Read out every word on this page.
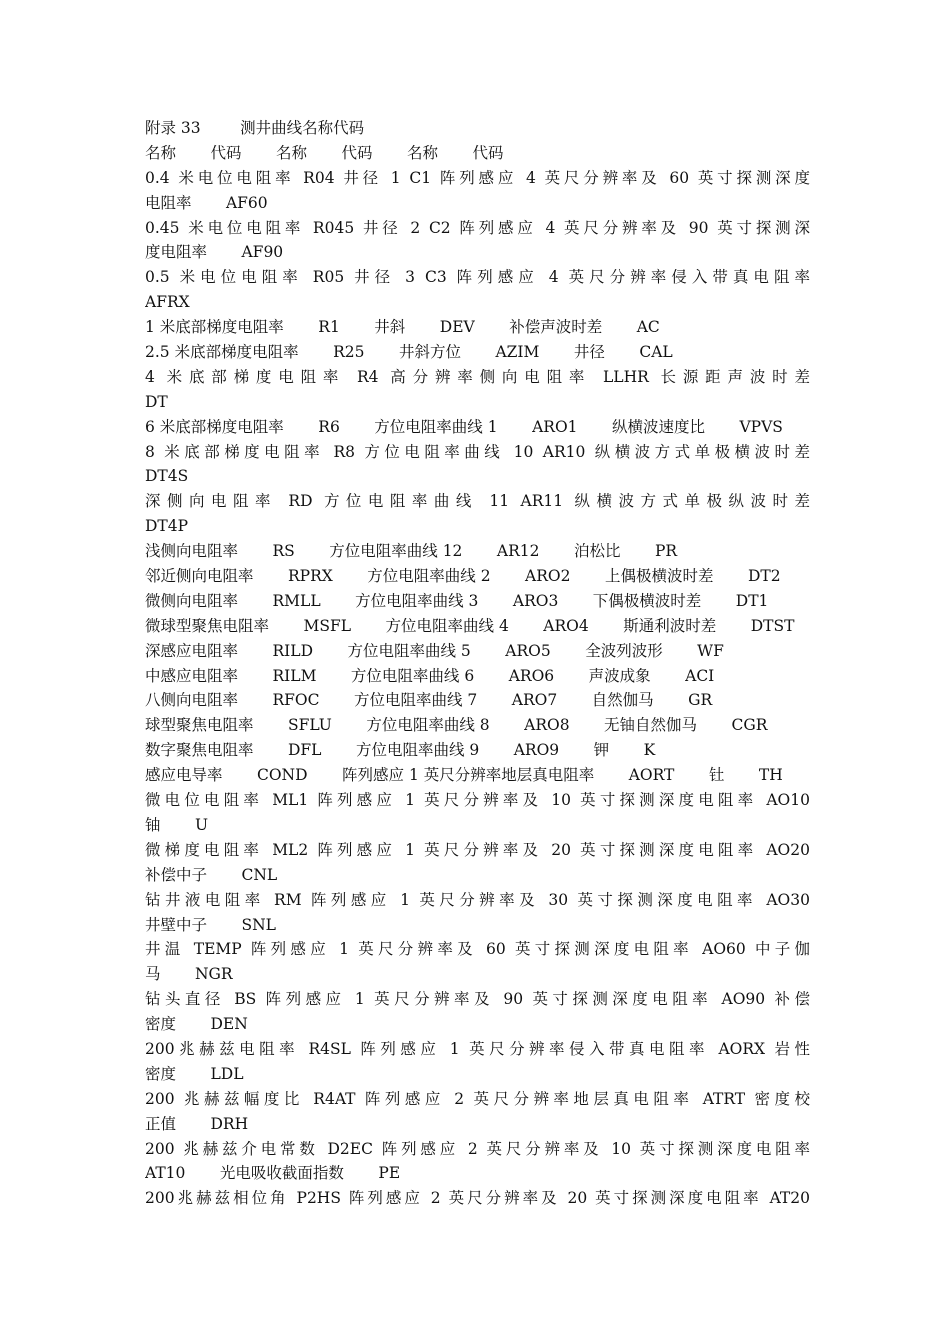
附录 33        测井曲线名称代码
名称       代码       名称       代码       名称       代码
0.4 米电位电阻率 R04 井径 1 C1 阵列感应 4 英尺分辨率及 60 英寸探测深度
电阻率       AF60
0.45 米电位电阻率 R045 井径 2 C2 阵列感应 4 英尺分辨率及 90 英寸探测深
度电阻率       AF90
0.5 米电位电阻率 R05 井径 3 C3 阵列感应 4 英尺分辨率侵入带真电阻率
AFRX
1 米底部梯度电阻率       R1       井斜       DEV       补偿声波时差       AC
2.5 米底部梯度电阻率       R25       井斜方位       AZIM       井径       CAL
4 米底部梯度电阻率 R4 高分辨率侧向电阻率 LLHR 长源距声波时差
DT
6 米底部梯度电阻率       R6       方位电阻率曲线 1       ARO1       纵横波速度比       VPVS
8 米底部梯度电阻率 R8 方位电阻率曲线 10 AR10 纵横波方式单极横波时差
DT4S
深侧向电阻率 RD 方位电阻率曲线 11 AR11 纵横波方式单极纵波时差
DT4P
浅侧向电阻率       RS       方位电阻率曲线 12       AR12       泊松比       PR
邻近侧向电阻率       RPRX       方位电阻率曲线 2       ARO2       上偶极横波时差       DT2
微侧向电阻率       RMLL       方位电阻率曲线 3       ARO3       下偶极横波时差       DT1
微球型聚焦电阻率       MSFL       方位电阻率曲线 4       ARO4       斯通利波时差       DTST
深感应电阻率       RILD       方位电阻率曲线 5       ARO5       全波列波形       WF
中感应电阻率       RILM       方位电阻率曲线 6       ARO6       声波成象       ACI
八侧向电阻率       RFOC       方位电阻率曲线 7       ARO7       自然伽马       GR
球型聚焦电阻率       SFLU       方位电阻率曲线 8       ARO8       无铀自然伽马       CGR
数字聚焦电阻率       DFL       方位电阻率曲线 9       ARO9       钾       K
感应电导率       COND       阵列感应 1 英尺分辨率地层真电阻率       AORT       钍       TH
微电位电阻率 ML1 阵列感应 1 英尺分辨率及 10 英寸探测深度电阻率 AO10
铀       U
微梯度电阻率 ML2 阵列感应 1 英尺分辨率及 20 英寸探测深度电阻率 AO20
补偿中子       CNL
钻井液电阻率 RM 阵列感应 1 英尺分辨率及 30 英寸探测深度电阻率 AO30
井壁中子       SNL
井温 TEMP 阵列感应 1 英尺分辨率及 60 英寸探测深度电阻率 AO60 中子伽
马       NGR
钻头直径 BS 阵列感应 1 英尺分辨率及 90 英寸探测深度电阻率 AO90 补偿
密度       DEN
200兆赫兹电阻率 R4SL 阵列感应 1 英尺分辨率侵入带真电阻率 AORX 岩性
密度       LDL
200 兆赫兹幅度比 R4AT 阵列感应 2 英尺分辨率地层真电阻率 ATRT 密度校
正值       DRH
200 兆赫兹介电常数 D2EC 阵列感应 2 英尺分辨率及 10 英寸探测深度电阻率
AT10       光电吸收截面指数       PE
200兆赫兹相位角 P2HS 阵列感应 2 英尺分辨率及 20 英寸探测深度电阻率 AT20
